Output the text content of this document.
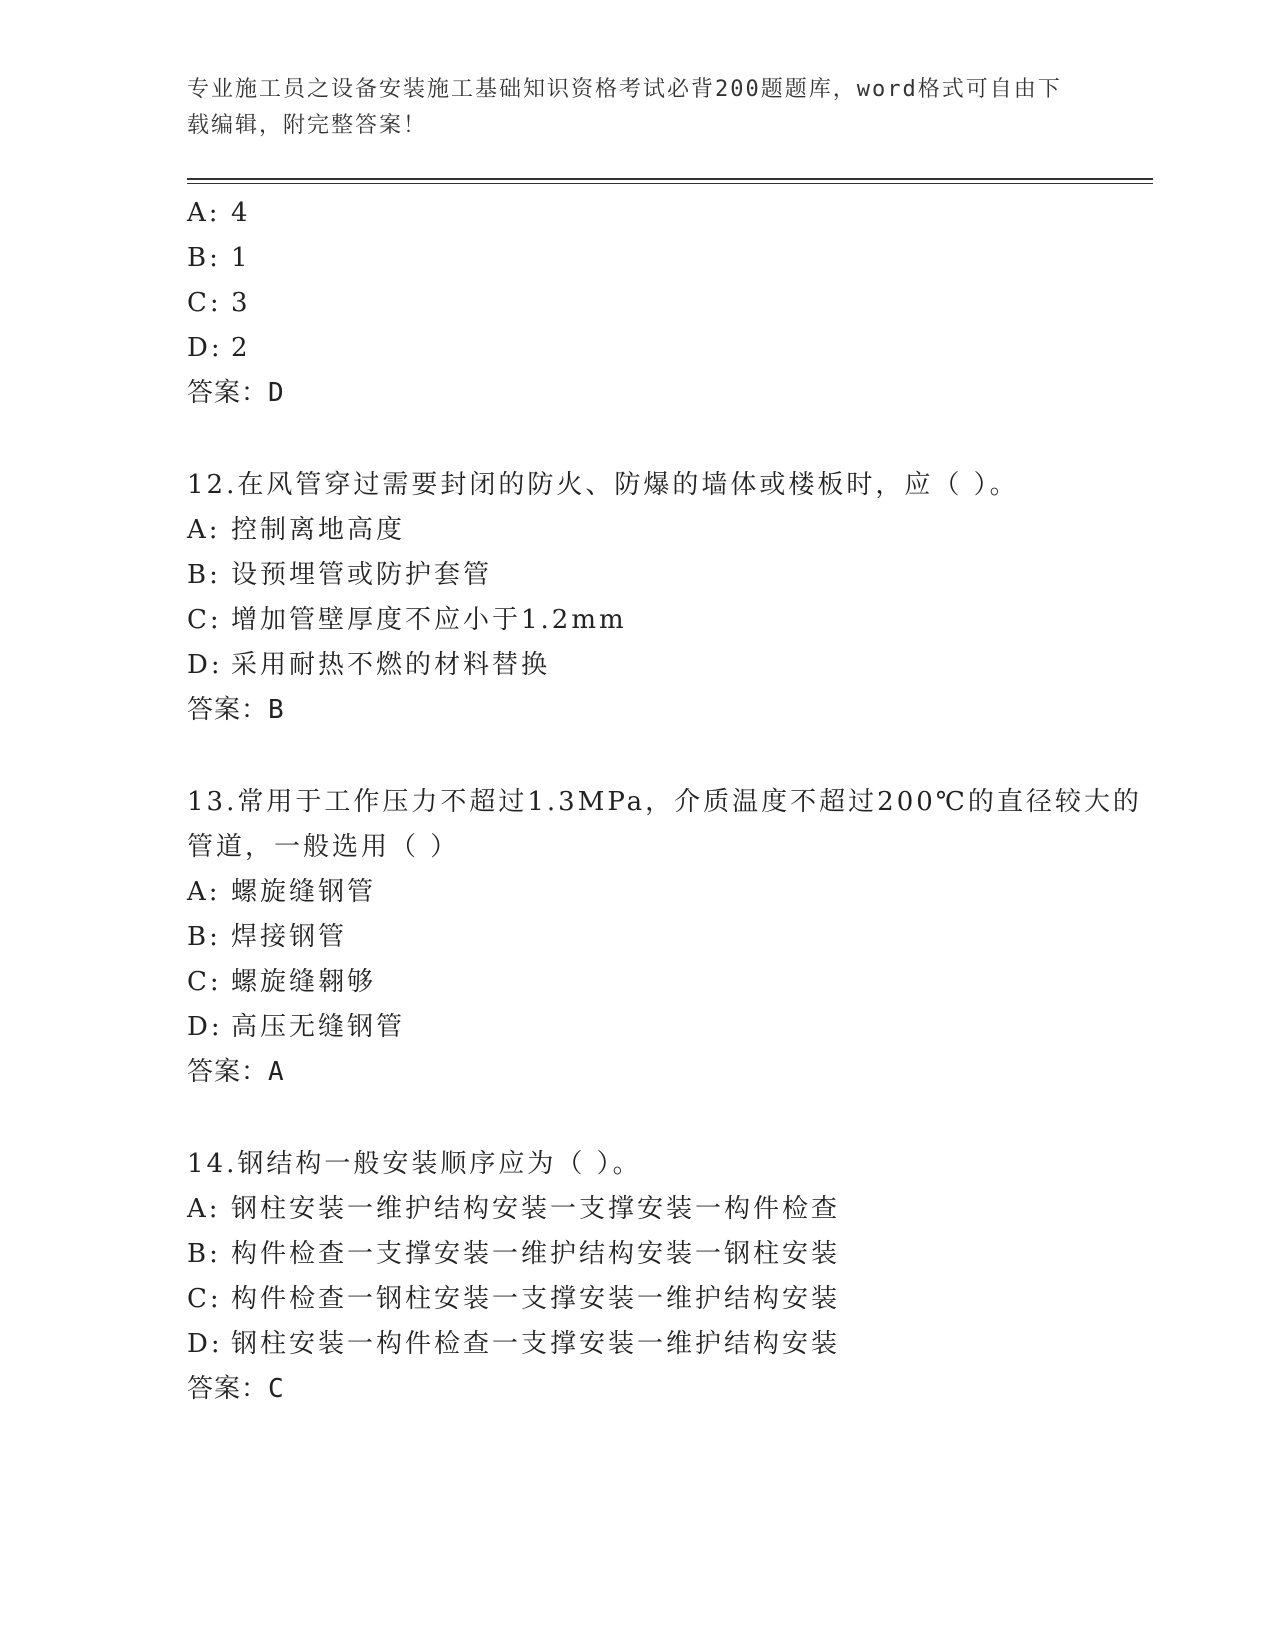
专业施工员之设备安装施工基础知识资格考试必背200题题库，word格式可自由下载编辑，附完整答案！
A: 4
B: 1
C: 3
D: 2
答案：D
12.在风管穿过需要封闭的防火、防爆的墙体或楼板时，应（ ）。
A: 控制离地高度
B: 设预埋管或防护套管
C: 增加管壁厚度不应小于1.2mm
D: 采用耐热不燃的材料替换
答案：B
13.常用于工作压力不超过1.3MPa，介质温度不超过200℃的直径较大的管道，一般选用（ ）
A: 螺旋缝钢管
B: 焊接钢管
C: 螺旋缝翱够
D: 高压无缝钢管
答案：A
14.钢结构一般安装顺序应为（ ）。
A: 钢柱安装一维护结构安装一支撑安装一构件检查
B: 构件检查一支撑安装一维护结构安装一钢柱安装
C: 构件检查一钢柱安装一支撑安装一维护结构安装
D: 钢柱安装一构件检查一支撑安装一维护结构安装
答案：C
